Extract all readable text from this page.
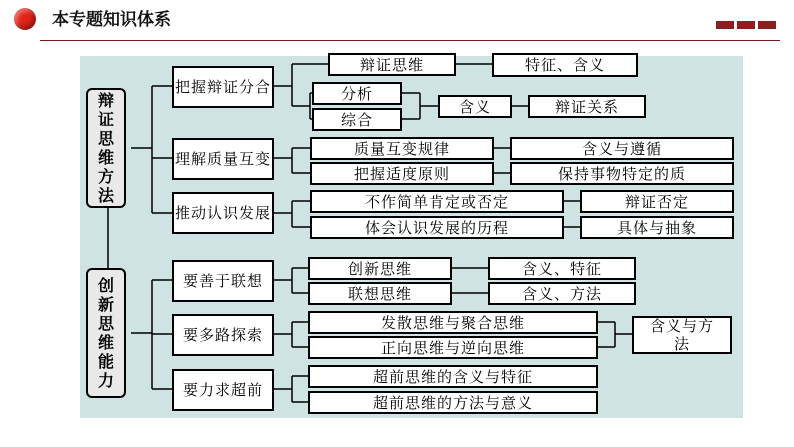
本专题知识体系
辩证思维方法
创新思维能力
把握辩证分合
理解质量互变
推动认识发展
要善于联想
要多路探索
要力求超前
辩证思维	特征、含义
分析
综合
含义	辩证关系
质量互变规律	含义与遵循
把握适度原则	保持事物特定的质
不作简单肯定或否定	辩证否定
体会认识发展的历程	具体与抽象
创新思维	含义、特征
联想思维	含义、方法
发散思维与聚合思维
正向思维与逆向思维
含义与方法
超前思维的含义与特征
超前思维的方法与意义
